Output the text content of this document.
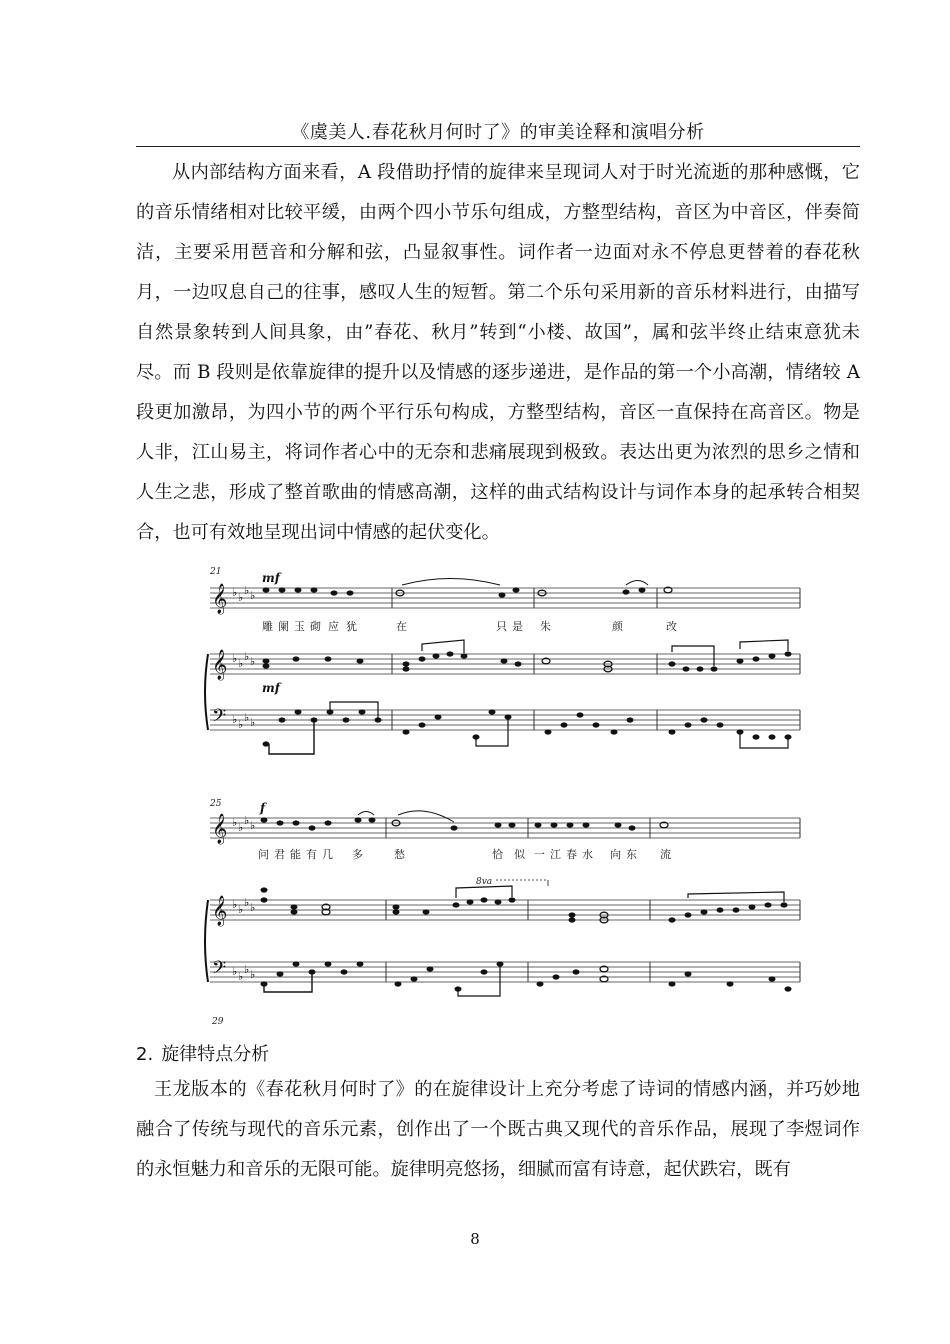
《虞美人.春花秋月何时了》的审美诠释和演唱分析

从内部结构方面来看，A 段借助抒情的旋律来呈现词人对于时光流逝的那种感慨，它的音乐情绪相对比较平缓，由两个四小节乐句组成，方整型结构，音区为中音区，伴奏简洁，主要采用琶音和分解和弦，凸显叙事性。词作者一边面对永不停息更替着的春花秋月，一边叹息自己的往事，感叹人生的短暂。第二个乐句采用新的音乐材料进行，由描写自然景象转到人间具象，由”春花、秋月”转到“小楼、故国”，属和弦半终止结束意犹未尽。而 B 段则是依靠旋律的提升以及情感的逐步递进，是作品的第一个小高潮，情绪较 A 段更加激昂，为四小节的两个平行乐句构成，方整型结构，音区一直保持在高音区。物是人非，江山易主，将词作者心中的无奈和悲痛展现到极致。表达出更为浓烈的思乡之情和人生之悲，形成了整首歌曲的情感高潮，这样的曲式结构设计与词作本身的起承转合相契合，也可有效地呈现出词中情感的起伏变化。

21	mf
𝄞 ♭ ♭
♭ ♭
雕 阑 玉 砌 应 犹	在	只 是 朱	颜	改
𝄞 ♭ ♭
♭ ♭
mf
𝄢 ♭ ♭
♭ ♭
25	f
𝄞 ♭ ♭
♭ ♭
问 君 能 有 几 多	愁	恰 似 一 江 春 水 向 东 流
8va
𝄞 ♭ ♭
♭ ♭
𝄢 ♭ ♭
♭ ♭
29
2. 旋律特点分析

王龙版本的《春花秋月何时了》的在旋律设计上充分考虑了诗词的情感内涵，并巧妙地融合了传统与现代的音乐元素，创作出了一个既古典又现代的音乐作品，展现了李煜词作的永恒魅力和音乐的无限可能。旋律明亮悠扬，细腻而富有诗意，起伏跌宕，既有

8
